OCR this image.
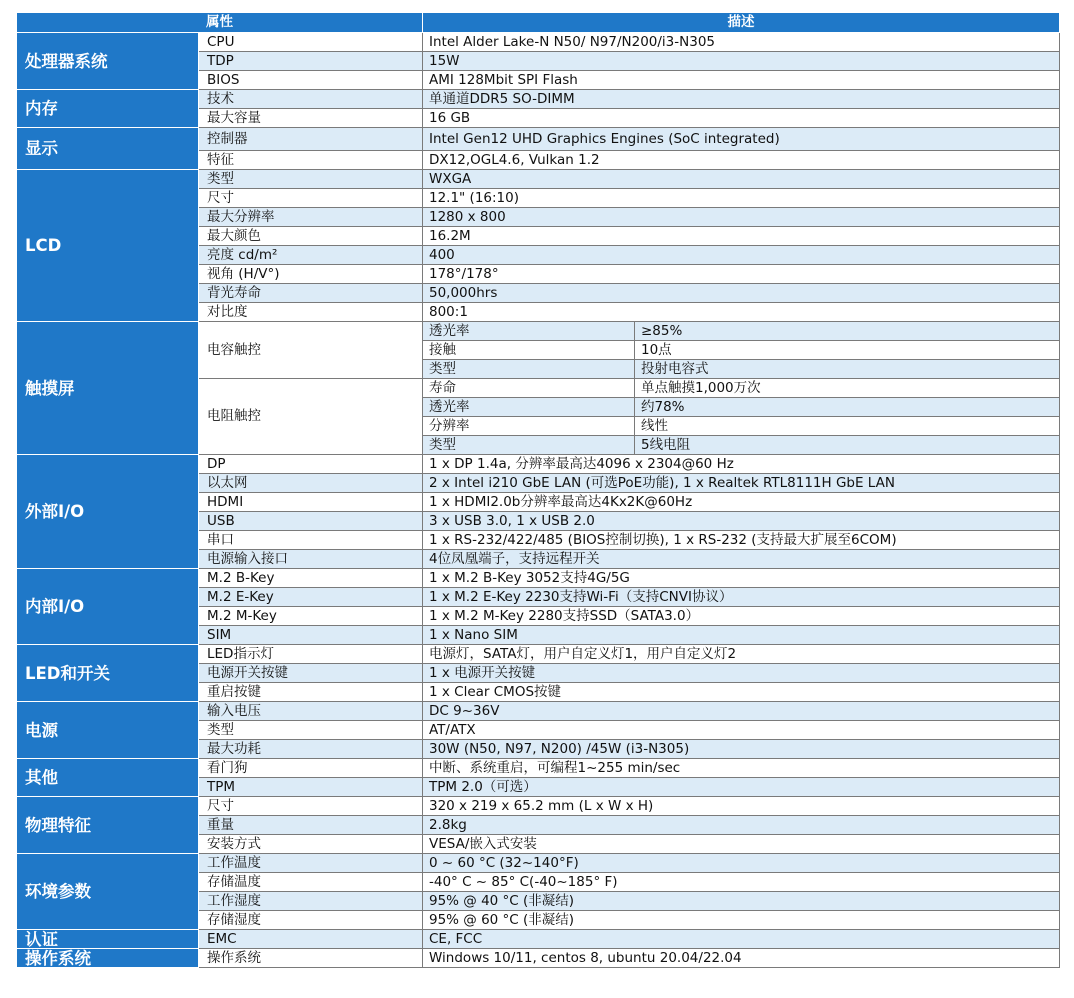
属性		描述	
处理器系统	CPU	Intel Alder Lake-N N50/ N97/N200/i3-N305	
	TDP	15W	
	BIOS	AMI 128Mbit SPI Flash	
内存	技术	单通道DDR5 SO-DIMM	
	最大容量	16 GB	
显示	控制器	Intel Gen12 UHD Graphics Engines (SoC integrated)	
	特征	DX12,OGL4.6, Vulkan 1.2	
LCD	类型	WXGA	
	尺寸	12.1" (16:10)	
	最大分辨率	1280 x 800	
	最大颜色	16.2M	
	亮度 cd/m²	400	
	视角 (H/V°)	178°/178°	
	背光寿命	50,000hrs	
	对比度	800:1	
触摸屏	电容触控	透光率	≥85%
		接触	10点
		类型	投射电容式
	电阻触控	寿命	单点触摸1,000万次
		透光率	约78%
		分辨率	线性
		类型	5线电阻
外部I/O	DP	1 x DP 1.4a, 分辨率最高达4096 x 2304@60 Hz	
	以太网	2 x Intel i210 GbE LAN (可选PoE功能), 1 x Realtek RTL8111H GbE LAN	
	HDMI	1 x HDMI2.0b分辨率最高达4Kx2K@60Hz	
	USB	3 x USB 3.0, 1 x USB 2.0	
	串口	1 x RS-232/422/485 (BIOS控制切换), 1 x RS-232 (支持最大扩展至6COM)	
	电源输入接口	4位凤凰端子，支持远程开关	
内部I/O	M.2 B-Key	1 x M.2 B-Key 3052支持4G/5G	
	M.2 E-Key	1 x M.2 E-Key 2230支持Wi-Fi（支持CNVI协议）	
	M.2 M-Key	1 x M.2 M-Key 2280支持SSD（SATA3.0）	
	SIM	1 x Nano SIM	
LED和开关	LED指示灯	电源灯，SATA灯，用户自定义灯1，用户自定义灯2	
	电源开关按键	1 x 电源开关按键	
	重启按键	1 x Clear CMOS按键	
电源	输入电压	DC 9~36V	
	类型	AT/ATX	
	最大功耗	30W (N50, N97, N200) /45W (i3-N305)	
其他	看门狗	中断、系统重启，可编程1~255 min/sec	
	TPM	TPM 2.0（可选）	
物理特征	尺寸	320 x 219 x 65.2 mm (L x W x H)	
	重量	2.8kg	
	安装方式	VESA/嵌入式安装	
环境参数	工作温度	0 ~ 60 °C (32~140°F)	
	存储温度	-40° C ~ 85° C(-40~185° F)	
	工作湿度	95% @ 40 °C (非凝结)	
	存储湿度	95% @ 60 °C (非凝结)	
认证	EMC	CE, FCC	
操作系统	操作系统	Windows 10/11, centos 8, ubuntu 20.04/22.04	
